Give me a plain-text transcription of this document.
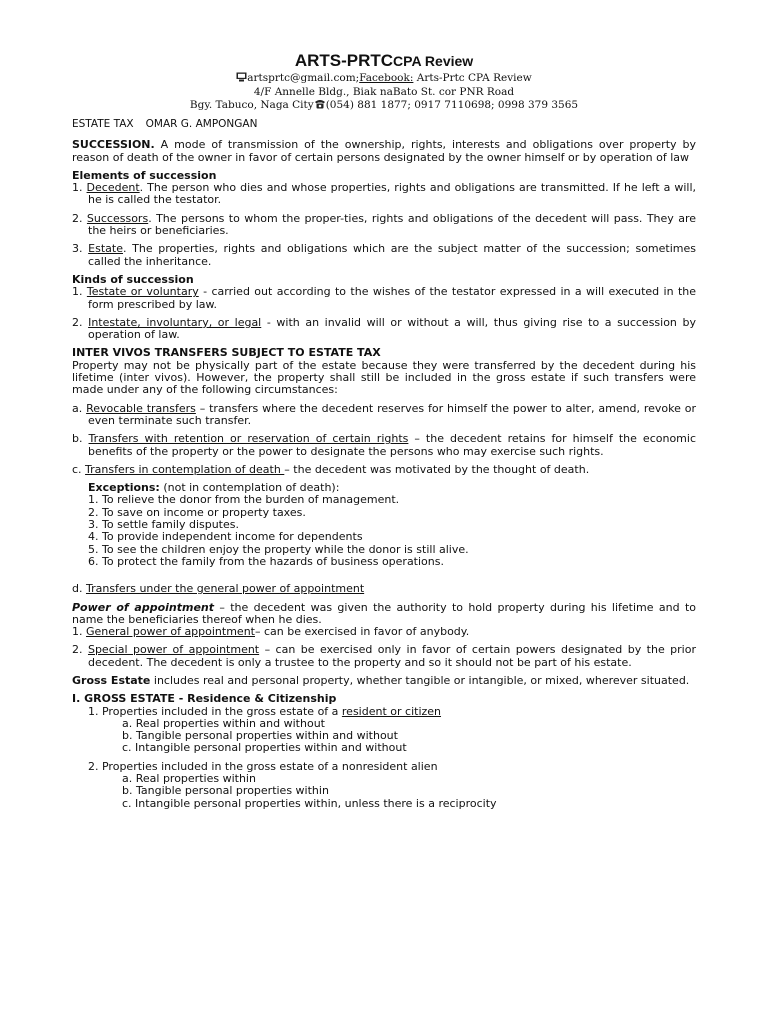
ARTS-PRTCCPA Review
artsprtc@gmail.com;Facebook: Arts-Prtc CPA Review
4/F Annelle Bldg., Biak naBato St. cor PNR Road
Bgy. Tabuco, Naga City (054) 881 1877; 0917 7110698; 0998 379 3565
ESTATE TAX OMAR G. AMPONGAN
SUCCESSION. A mode of transmission of the ownership, rights, interests and obligations over property by reason of death of the owner in favor of certain persons designated by the owner himself or by operation of law
Elements of succession
1. Decedent. The person who dies and whose properties, rights and obligations are transmitted. If he left a will, he is called the testator.
2. Successors. The persons to whom the proper-ties, rights and obligations of the decedent will pass. They are the heirs or beneficiaries.
3. Estate. The properties, rights and obligations which are the subject matter of the succession; sometimes called the inheritance.
Kinds of succession
1. Testate or voluntary - carried out according to the wishes of the testator expressed in a will executed in the form prescribed by law.
2. Intestate, involuntary, or legal - with an invalid will or without a will, thus giving rise to a succession by operation of law.
INTER VIVOS TRANSFERS SUBJECT TO ESTATE TAX
Property may not be physically part of the estate because they were transferred by the decedent during his lifetime (inter vivos). However, the property shall still be included in the gross estate if such transfers were made under any of the following circumstances:
a. Revocable transfers – transfers where the decedent reserves for himself the power to alter, amend, revoke or even terminate such transfer.
b. Transfers with retention or reservation of certain rights – the decedent retains for himself the economic benefits of the property or the power to designate the persons who may exercise such rights.
c. Transfers in contemplation of death – the decedent was motivated by the thought of death.
Exceptions: (not in contemplation of death):
1. To relieve the donor from the burden of management.
2. To save on income or property taxes.
3. To settle family disputes.
4. To provide independent income for dependents
5. To see the children enjoy the property while the donor is still alive.
6. To protect the family from the hazards of business operations.
d. Transfers under the general power of appointment
Power of appointment – the decedent was given the authority to hold property during his lifetime and to name the beneficiaries thereof when he dies.
1. General power of appointment– can be exercised in favor of anybody.
2. Special power of appointment – can be exercised only in favor of certain powers designated by the prior decedent. The decedent is only a trustee to the property and so it should not be part of his estate.
Gross Estate includes real and personal property, whether tangible or intangible, or mixed, wherever situated.
I. GROSS ESTATE - Residence & Citizenship
1. Properties included in the gross estate of a resident or citizen
a. Real properties within and without
b. Tangible personal properties within and without
c. Intangible personal properties within and without
2. Properties included in the gross estate of a nonresident alien
a. Real properties within
b. Tangible personal properties within
c. Intangible personal properties within, unless there is a reciprocity
